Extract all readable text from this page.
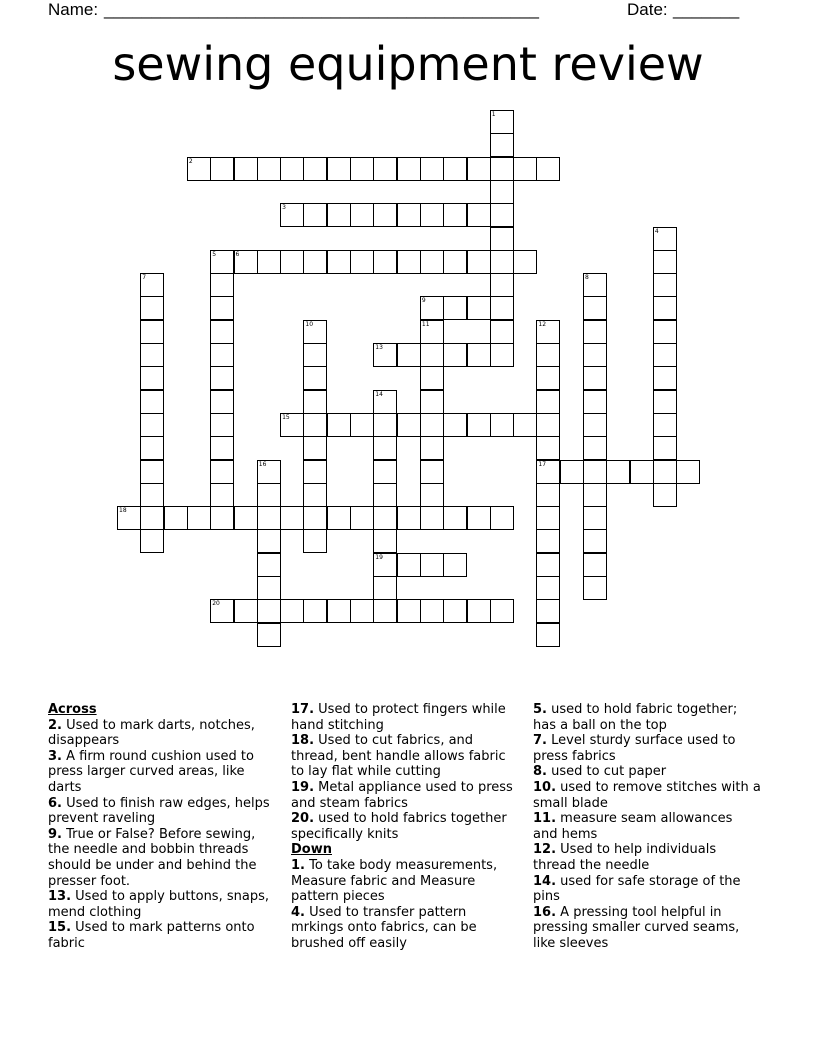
Name: ______________________________________________	Date: _______
sewing equipment review
1
2
3
4
5	6
7	8
9
10	11	12
17
13
14
19
15
16
18
20
Across
2. Used to mark darts, notches, disappears
3. A firm round cushion used to press larger curved areas, like darts
6. Used to finish raw edges, helps prevent raveling
9. True or False? Before sewing, the needle and bobbin threads should be under and behind the presser foot.
13. Used to apply buttons, snaps, mend clothing
15. Used to mark patterns onto fabric
17. Used to protect fingers while hand stitching
18. Used to cut fabrics, and thread, bent handle allows fabric to lay flat while cutting
19. Metal appliance used to press and steam fabrics
20. used to hold fabrics together specifically knits
Down
1. To take body measurements, Measure fabric and Measure pattern pieces
4. Used to transfer pattern mrkings onto fabrics, can be brushed off easily
5. used to hold fabric together; has a ball on the top
7. Level sturdy surface used to press fabrics
8. used to cut paper
10. used to remove stitches with a small blade
11. measure seam allowances and hems
12. Used to help individuals thread the needle
14. used for safe storage of the pins
16. A pressing tool helpful in pressing smaller curved seams, like sleeves
